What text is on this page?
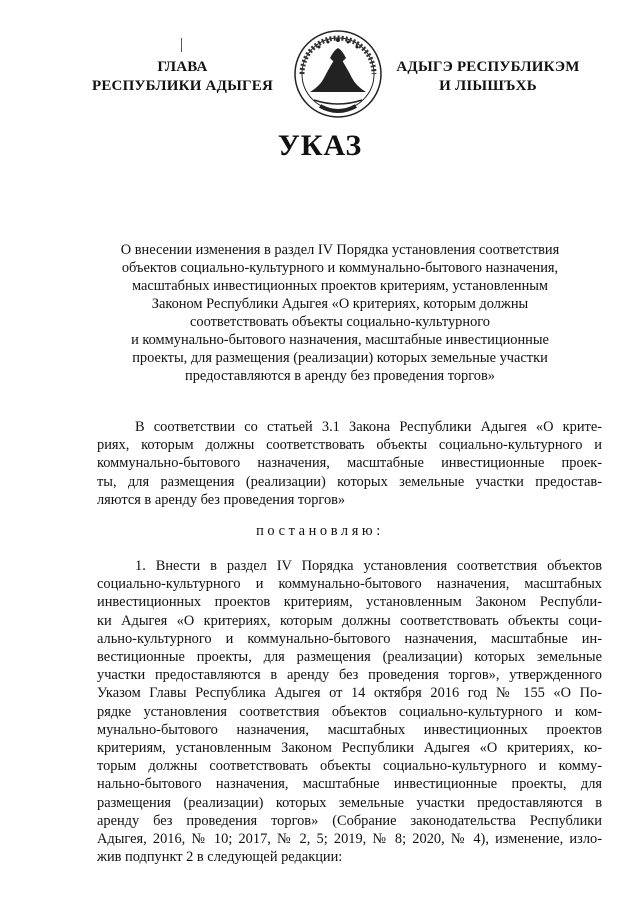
ГЛАВА
РЕСПУБЛИКИ АДЫГЕЯ
АДЫГЭ РЕСПУБЛИКЭМ
И ЛІЫШЪХЬ
УКАЗ
О внесении изменения в раздел IV Порядка установления соответствия
объектов социально-культурного и коммунально-бытового назначения,
масштабных инвестиционных проектов критериям, установленным
Законом Республики Адыгея «О критериях, которым должны
соответствовать объекты социально-культурного
и коммунально-бытового назначения, масштабные инвестиционные
проекты, для размещения (реализации) которых земельные участки
предоставляются в аренду без проведения торгов»
В соответствии со статьей 3.1 Закона Республики Адыгея «О крите-
риях, которым должны соответствовать объекты социально-культурного и
коммунально-бытового назначения, масштабные инвестиционные проек-
ты, для размещения (реализации) которых земельные участки предостав-
ляются в аренду без проведения торгов»
постановляю:
1. Внести в раздел IV Порядка установления соответствия объектов
социально-культурного и коммунально-бытового назначения, масштабных
инвестиционных проектов критериям, установленным Законом Республи-
ки Адыгея «О критериях, которым должны соответствовать объекты соци-
ально-культурного и коммунально-бытового назначения, масштабные ин-
вестиционные проекты, для размещения (реализации) которых земельные
участки предоставляются в аренду без проведения торгов», утвержденного
Указом Главы Республика Адыгея от 14 октября 2016 год № 155 «О По-
рядке установления соответствия объектов социально-культурного и ком-
мунально-бытового назначения, масштабных инвестиционных проектов
критериям, установленным Законом Республики Адыгея «О критериях, ко-
торым должны соответствовать объекты социально-культурного и комму-
нально-бытового назначения, масштабные инвестиционные проекты, для
размещения (реализации) которых земельные участки предоставляются в
аренду без проведения торгов» (Собрание законодательства Республики
Адыгея, 2016, № 10; 2017, № 2, 5; 2019, № 8; 2020, № 4), изменение, изло-
жив подпункт 2 в следующей редакции:
